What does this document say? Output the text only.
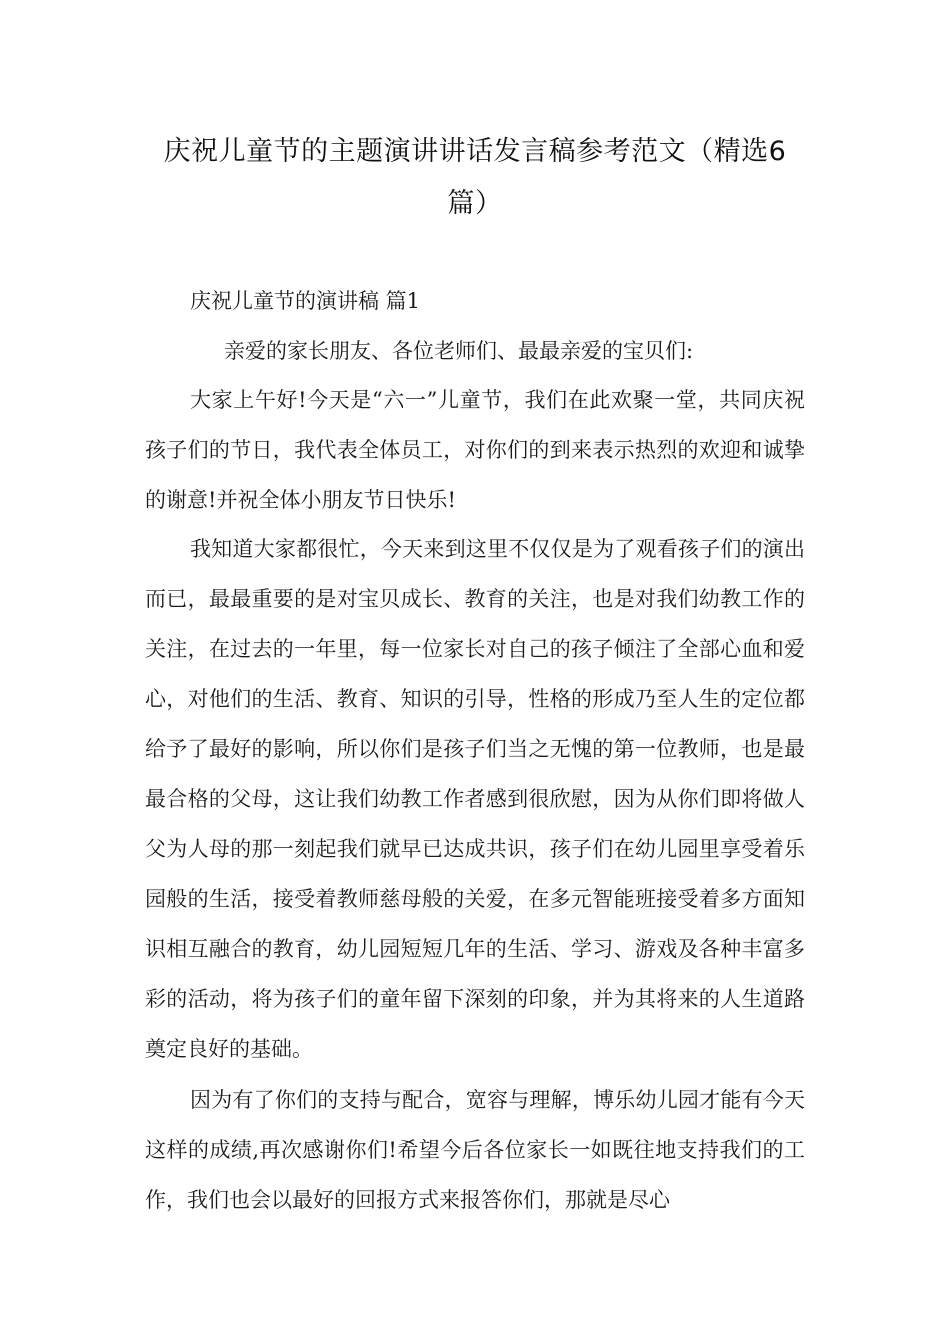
庆祝儿童节的主题演讲讲话发言稿参考范文（精选6
篇）
庆祝儿童节的演讲稿 篇1
亲爱的家长朋友、各位老师们、最最亲爱的宝贝们:

大家上午好!今天是“六一”儿童节，我们在此欢聚一堂，共同庆祝孩子们的节日，我代表全体员工，对你们的到来表示热烈的欢迎和诚挚的谢意!并祝全体小朋友节日快乐!

我知道大家都很忙，今天来到这里不仅仅是为了观看孩子们的演出而已，最最重要的是对宝贝成长、教育的关注，也是对我们幼教工作的关注，在过去的一年里，每一位家长对自己的孩子倾注了全部心血和爱心，对他们的生活、教育、知识的引导，性格的形成乃至人生的定位都给予了最好的影响，所以你们是孩子们当之无愧的第一位教师，也是最最合格的父母，这让我们幼教工作者感到很欣慰，因为从你们即将做人父为人母的那一刻起我们就早已达成共识，孩子们在幼儿园里享受着乐园般的生活，接受着教师慈母般的关爱，在多元智能班接受着多方面知识相互融合的教育，幼儿园短短几年的生活、学习、游戏及各种丰富多彩的活动，将为孩子们的童年留下深刻的印象，并为其将来的人生道路奠定良好的基础。

因为有了你们的支持与配合，宽容与理解，博乐幼儿园才能有今天这样的成绩,再次感谢你们!希望今后各位家长一如既往地支持我们的工作，我们也会以最好的回报方式来报答你们，那就是尽心
